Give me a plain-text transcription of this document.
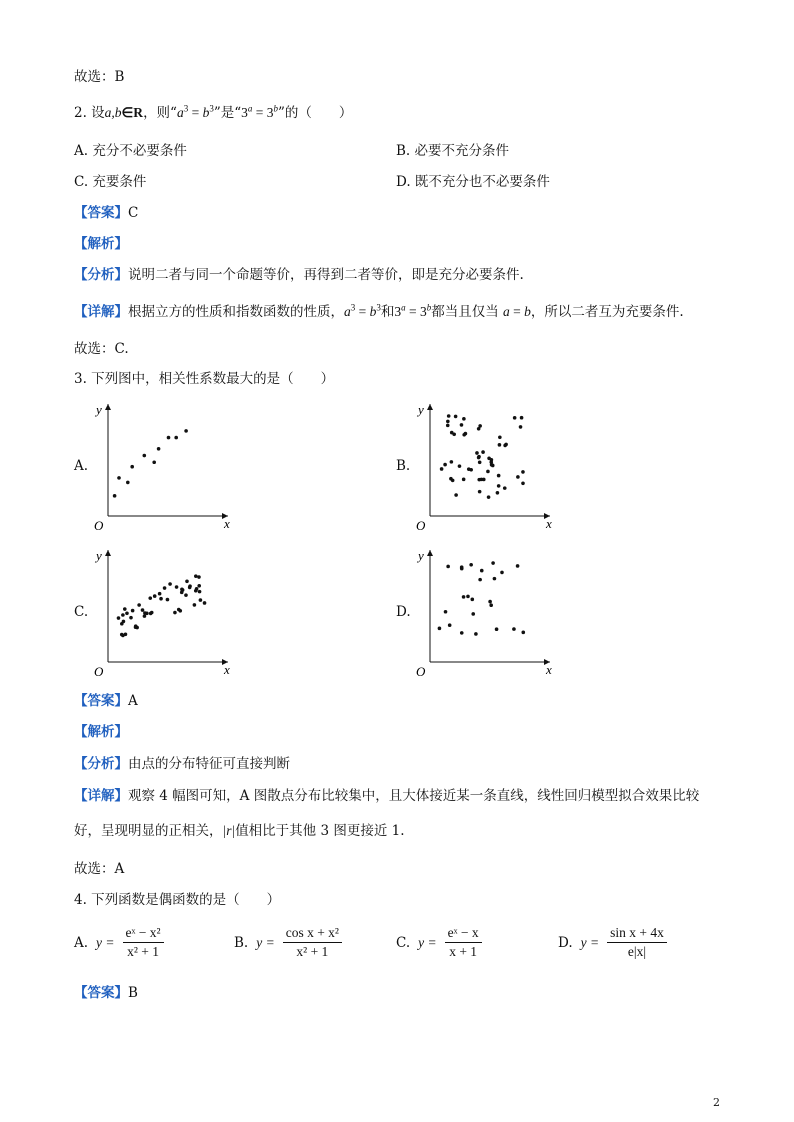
故选：B
2. 设a,b∈R，则“$a^3 = b^3$”是“$3^a = 3^b$”的（　　）
A. 充分不必要条件	B. 必要不充分条件
C. 充要条件	D. 既不充分也不必要条件
【答案】C
【解析】
【分析】说明二者与同一个命题等价，再得到二者等价，即是充分必要条件.
【详解】根据立方的性质和指数函数的性质，$a^3 = b^3$和$3^a = 3^b$都当且仅当 a = b，所以二者互为充要条件.
故选：C.
3. 下列图中，相关性系数最大的是（　　）
A.	B.
C.	D.
x
y
O	x
y
O
x
y
O	x
y
O
【答案】A
【解析】
【分析】由点的分布特征可直接判断
【详解】观察 4 幅图可知，A 图散点分布比较集中，且大体接近某一条直线，线性回归模型拟合效果比较
好，呈现明显的正相关，|r|值相比于其他 3 图更接近 1.
故选：A
4. 下列函数是偶函数的是（　　）
A. $y = \frac{\text{eˣ − x²}}{\text{x² + 1}}$	B. $y = \frac{\text{cos x + x²}}{\text{x² + 1}}$	C. $y = \frac{\text{eˣ − x}}{x + 1}$	D. $y = \frac{\text{sin x + 4x}}{e|x|}$
【答案】B
2
